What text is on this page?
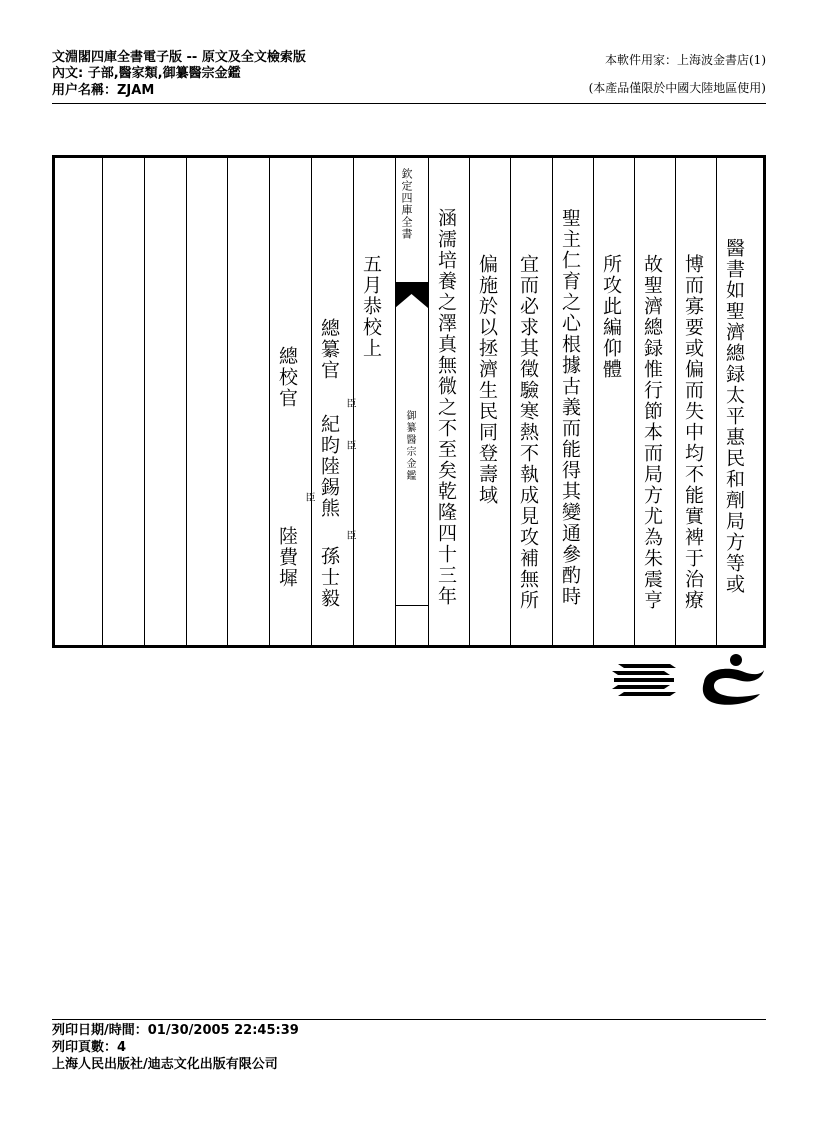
文淵閣四庫全書電子版 -- 原文及全文檢索版
內文: 子部,醫家類,御纂醫宗金鑑
用户名稱：ZJAM
本軟件用家：上海波金書店(1)
(本產品僅限於中國大陸地區使用)
醫書如聖濟總録太平惠民和劑局方等或
博而寡要或偏而失中均不能實裨于治療
故聖濟總録惟行節本而局方尤為朱震亨
所攻此編仰體
聖主仁育之心根據古義而能得其變通參酌時
宜而必求其徵驗寒熱不執成見攻補無所
偏施於以拯濟生民同登壽域
涵濡培養之澤真無微之不至矣乾隆四十三年
欽定四庫全書
御纂醫宗金鑑
五月恭校上
總纂官
臣
紀昀 臣
陸錫熊
臣
孫士毅
總校官
臣
陸費墀
列印日期/時間：01/30/2005 22:45:39
列印頁數：4
上海人民出版社/迪志文化出版有限公司
